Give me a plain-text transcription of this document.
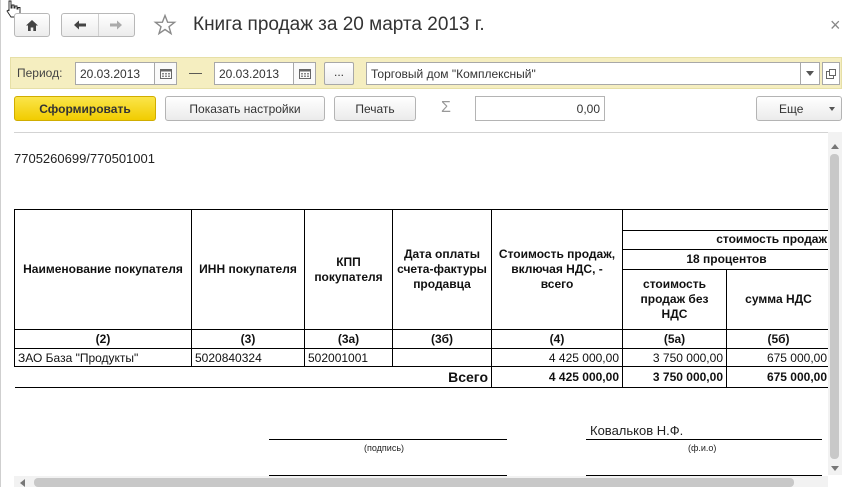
Книга продаж за 20 марта 2013 г.	×
Период:	20.03.2013	—	20.03.2013	...	Торговый дом "Комплексный"
Сформировать	Показать настройки	Печать	Σ	0,00	Еще
7705260699/770501001
Наименование покупателя	ИНН покупателя	КПП покупателя	Дата оплаты счета-фактуры продавца	Стоимость продаж, включая НДС, - всего		
					стоимость продаж
18 процентов	

					стоимость продаж без НДС	сумма НДС
(2)	(3)	(3а)	(3б)	(4)	(5а)	(5б)
ЗАО База "Продукты"	5020840324	502001001		4 425 000,00	3 750 000,00	675 000,00
Всего				4 425 000,00	3 750 000,00	675 000,00
(подпись)
Ковальков Н.Ф.
(ф.и.о)
